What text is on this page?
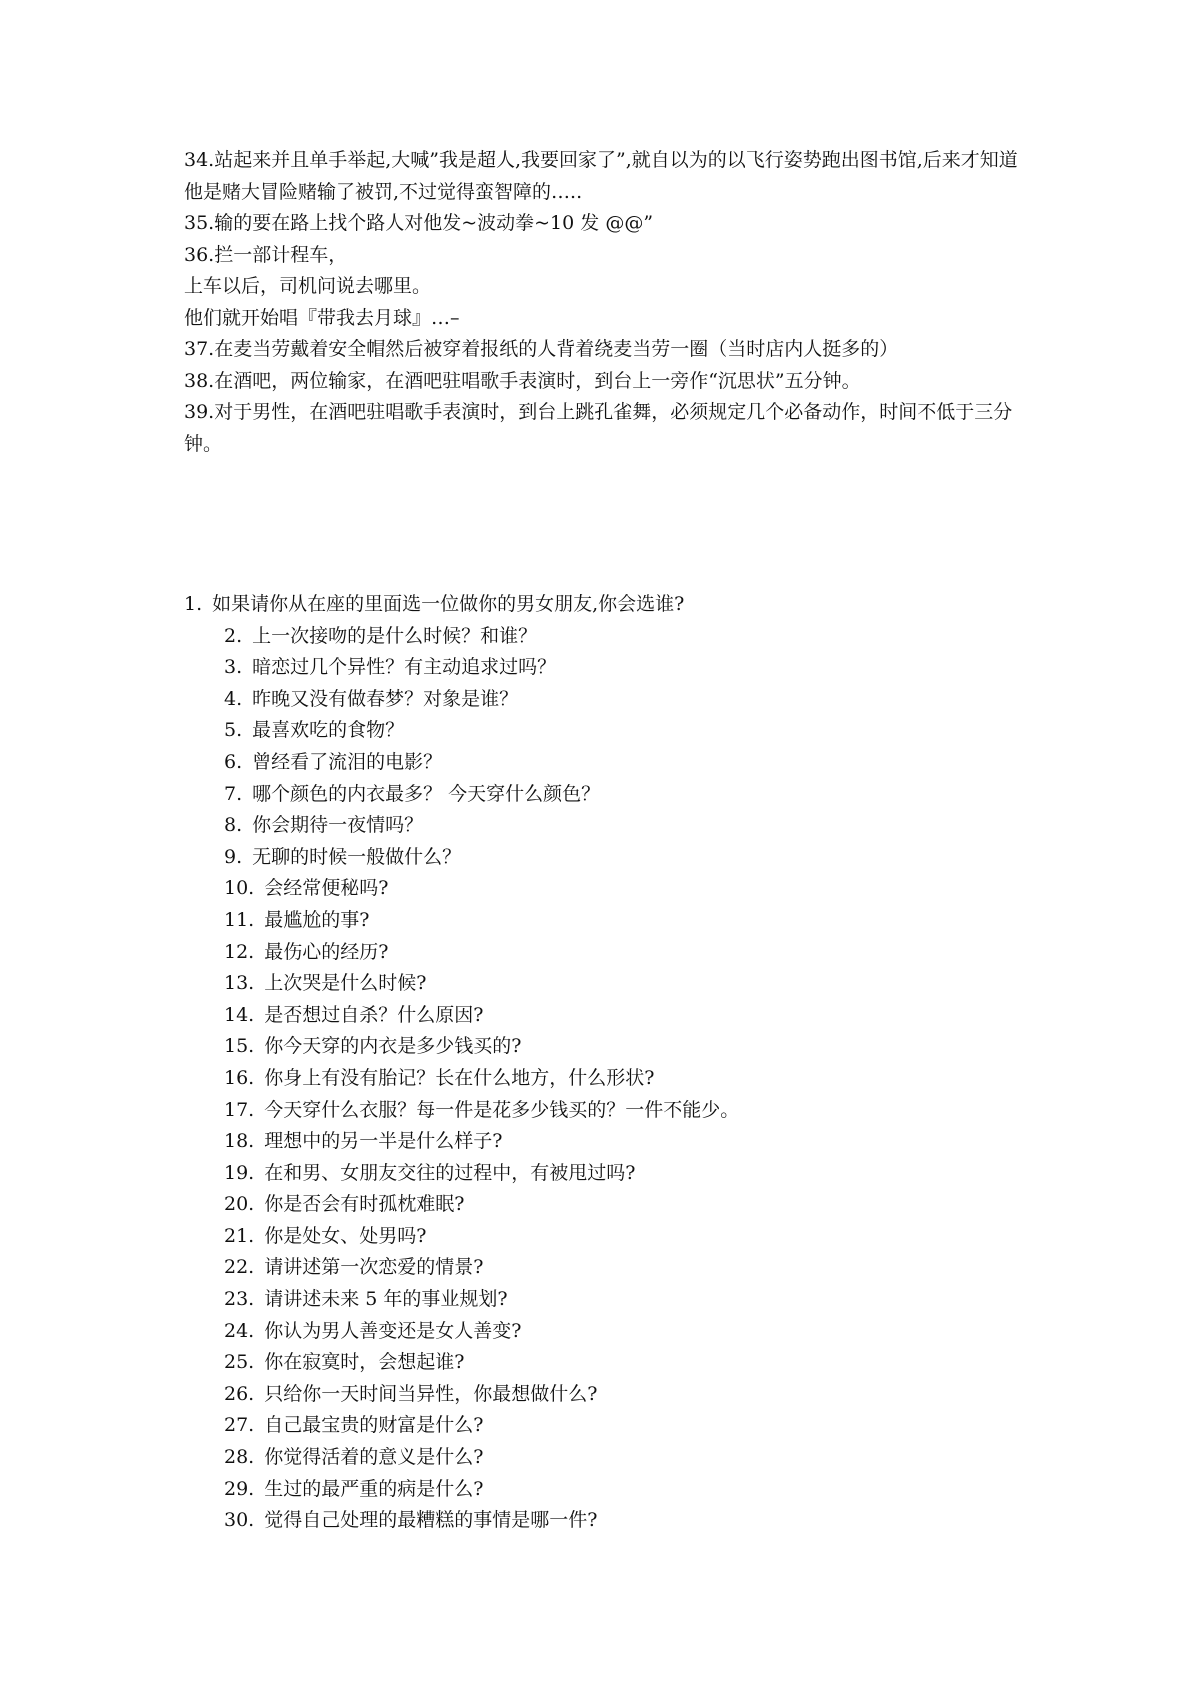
34.站起来并且单手举起,大喊”我是超人,我要回家了”,就自以为的以飞行姿势跑出图书馆,后来才知道他是赌大冒险赌输了被罚,不过觉得蛮智障的…..

35.输的要在路上找个路人对他发~波动拳~10 发 @@”

36.拦一部计程车，

上车以后，司机问说去哪里。

他们就开始唱『带我去月球』…–

37.在麦当劳戴着安全帽然后被穿着报纸的人背着绕麦当劳一圈（当时店内人挺多的）

38.在酒吧，两位输家，在酒吧驻唱歌手表演时，到台上一旁作“沉思状”五分钟。

39.对于男性，在酒吧驻唱歌手表演时，到台上跳孔雀舞，必须规定几个必备动作，时间不低于三分钟。

1. 如果请你从在座的里面选一位做你的男女朋友,你会选谁?
2. 上一次接吻的是什么时候？和谁？
3. 暗恋过几个异性？有主动追求过吗？
4. 昨晚又没有做春梦？对象是谁？
5. 最喜欢吃的食物？
6. 曾经看了流泪的电影？
7. 哪个颜色的内衣最多？ 今天穿什么颜色？
8. 你会期待一夜情吗？
9. 无聊的时候一般做什么？
10. 会经常便秘吗?
11. 最尴尬的事?
12. 最伤心的经历?
13. 上次哭是什么时候?
14. 是否想过自杀？什么原因?
15. 你今天穿的内衣是多少钱买的?
16. 你身上有没有胎记？长在什么地方，什么形状?
17. 今天穿什么衣服？每一件是花多少钱买的？一件不能少。
18. 理想中的另一半是什么样子?
19. 在和男、女朋友交往的过程中，有被甩过吗?
20. 你是否会有时孤枕难眠?
21. 你是处女、处男吗?
22. 请讲述第一次恋爱的情景?
23. 请讲述未来 5 年的事业规划?
24. 你认为男人善变还是女人善变?
25. 你在寂寞时，会想起谁?
26. 只给你一天时间当异性，你最想做什么?
27. 自己最宝贵的财富是什么?
28. 你觉得活着的意义是什么?
29. 生过的最严重的病是什么?
30. 觉得自己处理的最糟糕的事情是哪一件?
